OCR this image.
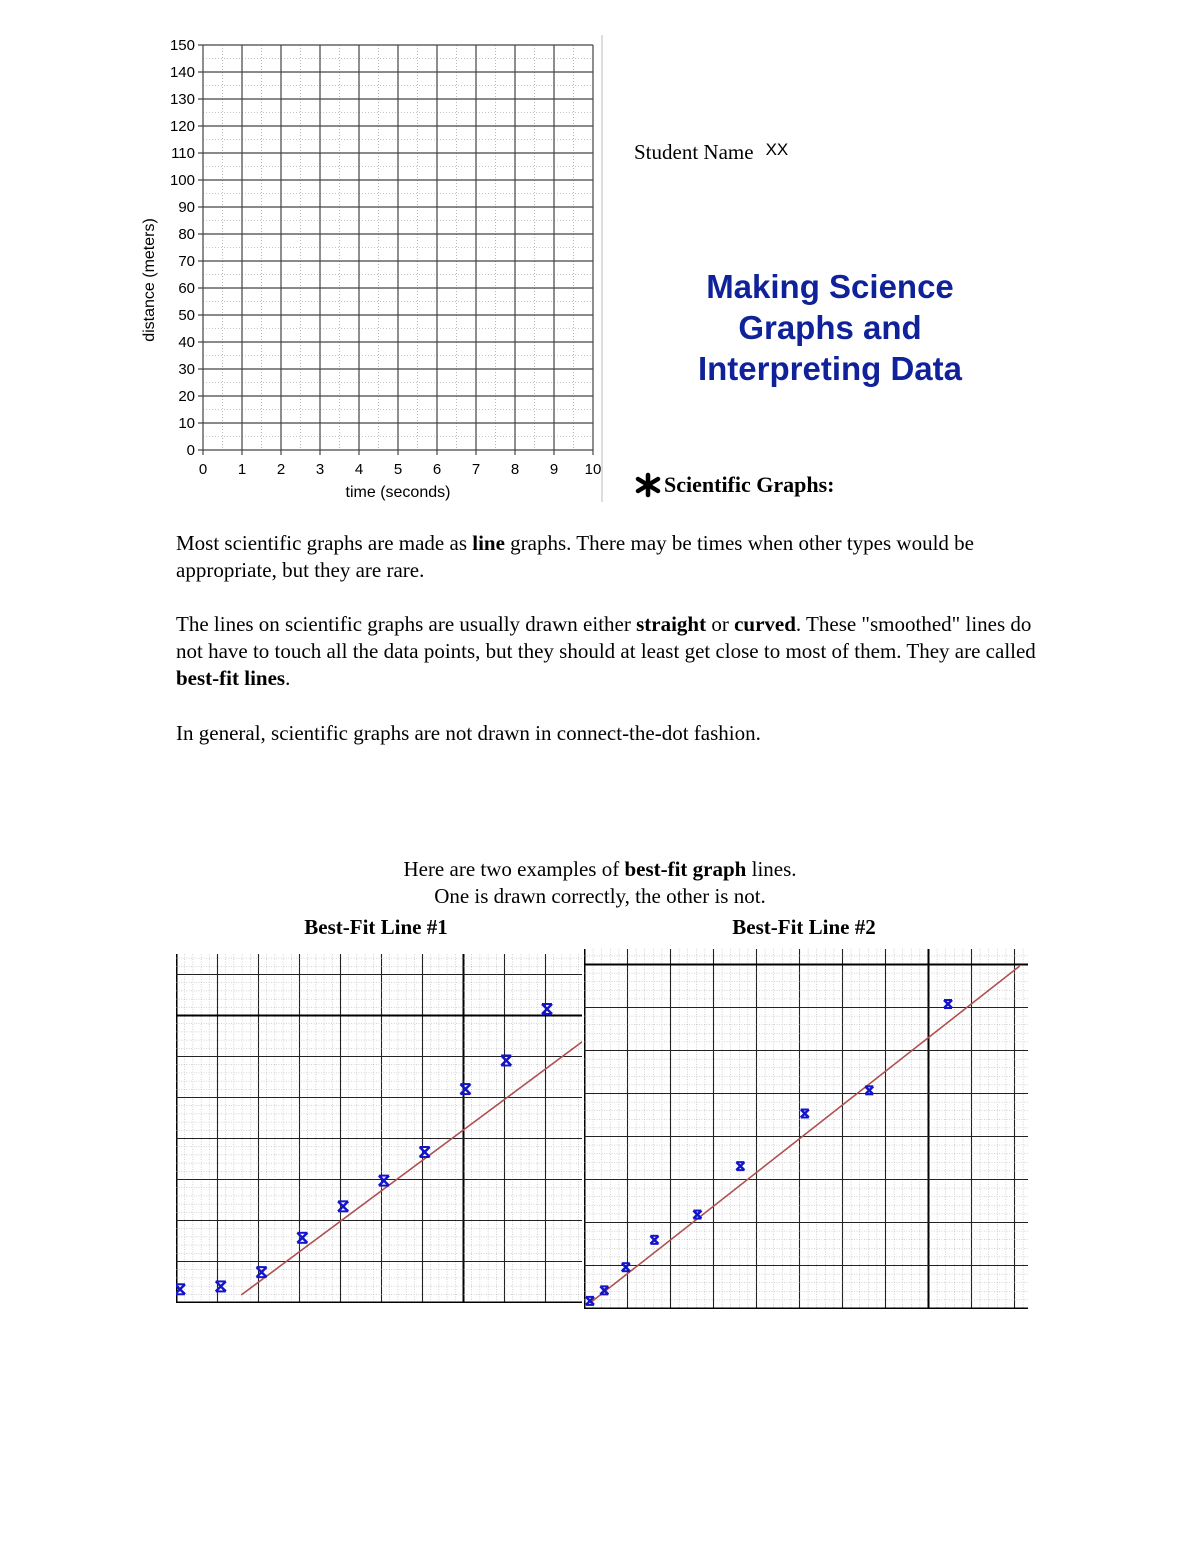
0
10
20
30
40
50
60
70
80
90
100
110
120
130
140
150
0 1 2 3 4 5 6 7 8 9 10
time (seconds)
distance (meters)
Student Name XX
Making Science
Graphs and
Interpreting Data
Scientific Graphs:
Most scientific graphs are made as line graphs. There may be times when other types would be appropriate, but they are rare.
The lines on scientific graphs are usually drawn either straight or curved. These "smoothed" lines do not have to touch all the data points, but they should at least get close to most of them. They are called best-fit lines.
In general, scientific graphs are not drawn in connect-the-dot fashion.
Here are two examples of best-fit graph lines.
One is drawn correctly, the other is not.
Best-Fit Line #1	Best-Fit Line #2
